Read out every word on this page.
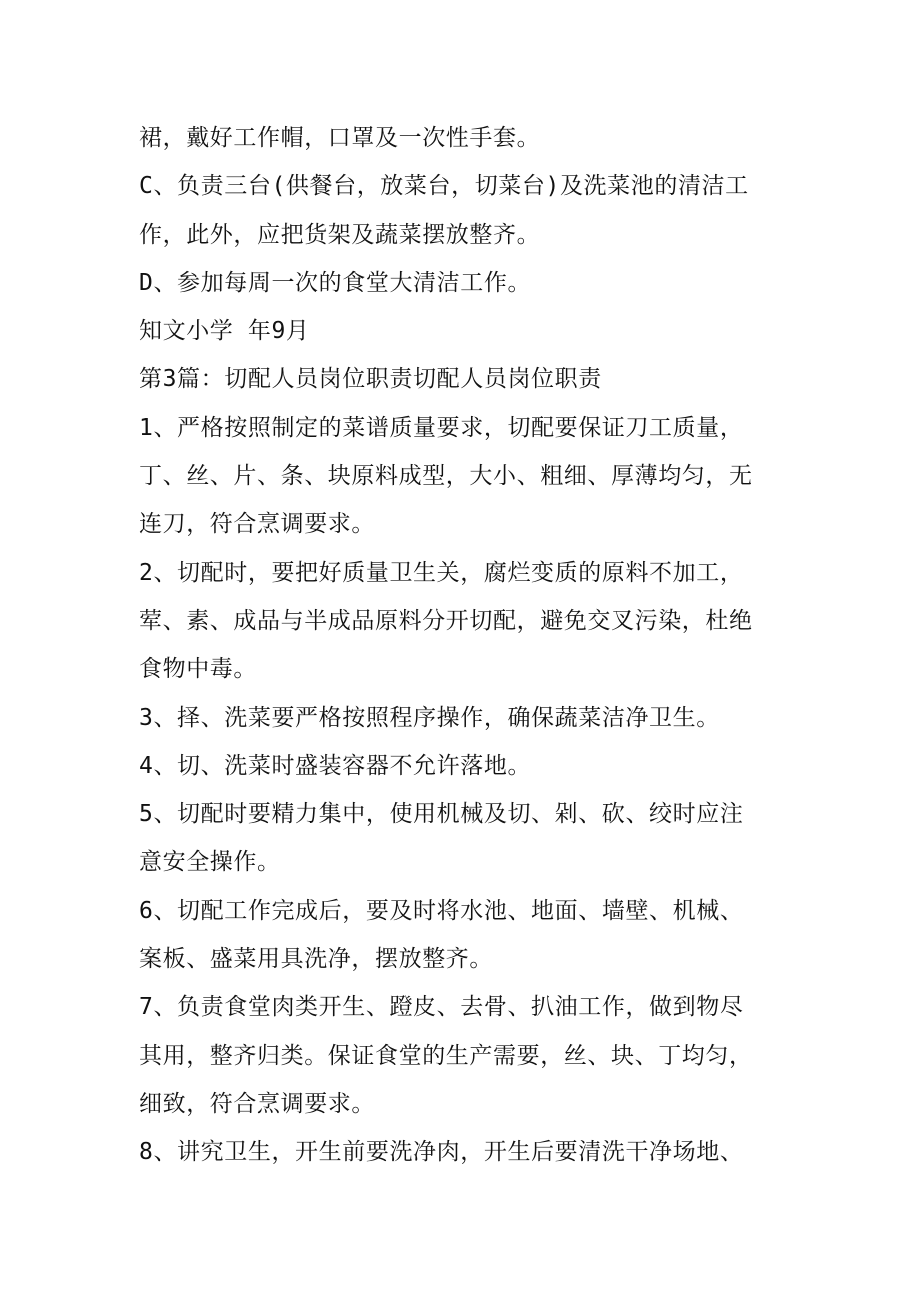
裙，戴好工作帽，口罩及一次性手套。
C、负责三台(供餐台，放菜台，切菜台)及洗菜池的清洁工
作，此外，应把货架及蔬菜摆放整齐。
D、参加每周一次的食堂大清洁工作。
知文小学 年9月
第3篇：切配人员岗位职责切配人员岗位职责
1、严格按照制定的菜谱质量要求，切配要保证刀工质量，
丁、丝、片、条、块原料成型，大小、粗细、厚薄均匀，无
连刀，符合烹调要求。
2、切配时，要把好质量卫生关，腐烂变质的原料不加工，
荤、素、成品与半成品原料分开切配，避免交叉污染，杜绝
食物中毒。
3、择、洗菜要严格按照程序操作，确保蔬菜洁净卫生。
4、切、洗菜时盛装容器不允许落地。
5、切配时要精力集中，使用机械及切、剁、砍、绞时应注
意安全操作。
6、切配工作完成后，要及时将水池、地面、墙壁、机械、
案板、盛菜用具洗净，摆放整齐。
7、负责食堂肉类开生、蹬皮、去骨、扒油工作，做到物尽
其用，整齐归类。保证食堂的生产需要，丝、块、丁均匀，
细致，符合烹调要求。
8、讲究卫生，开生前要洗净肉，开生后要清洗干净场地、
